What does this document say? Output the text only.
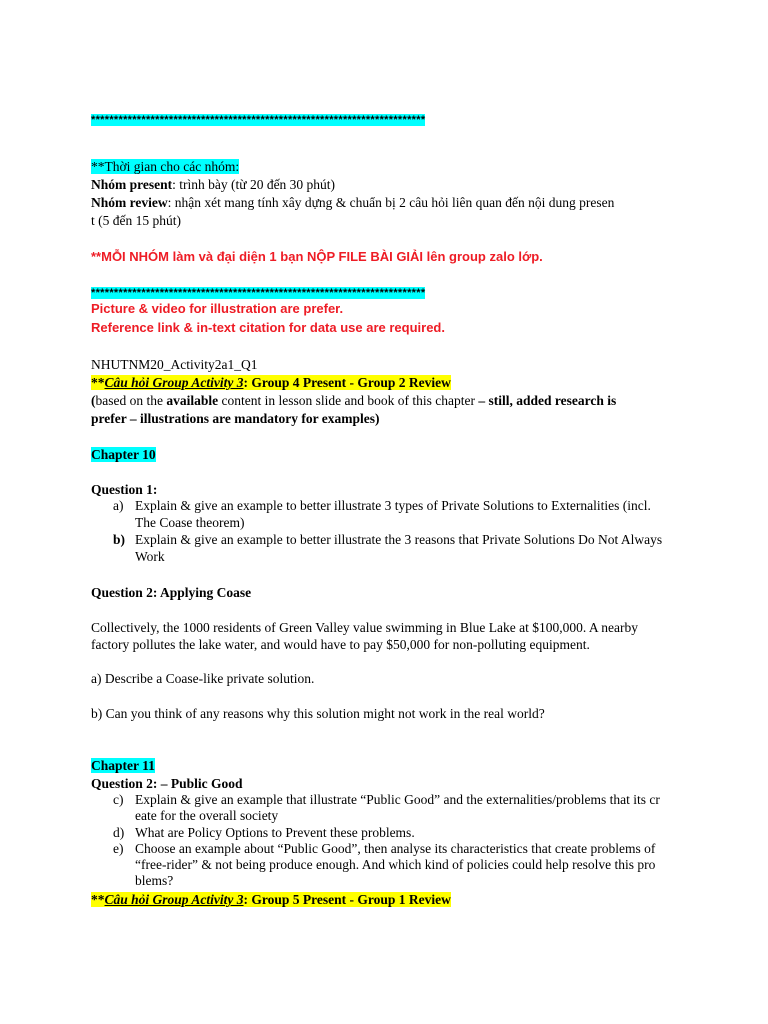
*************************************************************************
**Thời gian cho các nhóm:
Nhóm present: trình bày (từ 20 đến 30 phút)
Nhóm review: nhận xét mang tính xây dựng & chuẩn bị 2 câu hỏi liên quan đến nội dung presen
t (5 đến 15 phút)
**MỖI NHÓM làm và đại diện 1 bạn NỘP FILE BÀI GIẢI lên group zalo lớp.
*************************************************************************
Picture & video for illustration are prefer.
Reference link & in-text citation for data use are required.
NHUTNM20_Activity2a1_Q1
**Câu hỏi Group Activity 3: Group 4 Present - Group 2 Review
(based on the available content in lesson slide and book of this chapter – still, added research is
prefer – illustrations are mandatory for examples)
Chapter 10
Question 1:
a) Explain & give an example to better illustrate 3 types of Private Solutions to Externalities (incl.
The Coase theorem)
b) Explain & give an example to better illustrate the 3 reasons that Private Solutions Do Not Always
Work
Question 2: Applying Coase
Collectively, the 1000 residents of Green Valley value swimming in Blue Lake at $100,000. A nearby
factory pollutes the lake water, and would have to pay $50,000 for non-polluting equipment.
a) Describe a Coase-like private solution.
b) Can you think of any reasons why this solution might not work in the real world?
Chapter 11
Question 2: – Public Good
c) Explain & give an example that illustrate “Public Good” and the externalities/problems that its cr
eate for the overall society
d) What are Policy Options to Prevent these problems.
e) Choose an example about “Public Good”, then analyse its characteristics that create problems of
“free-rider” & not being produce enough. And which kind of policies could help resolve this pro
blems?
**Câu hỏi Group Activity 3: Group 5 Present - Group 1 Review
